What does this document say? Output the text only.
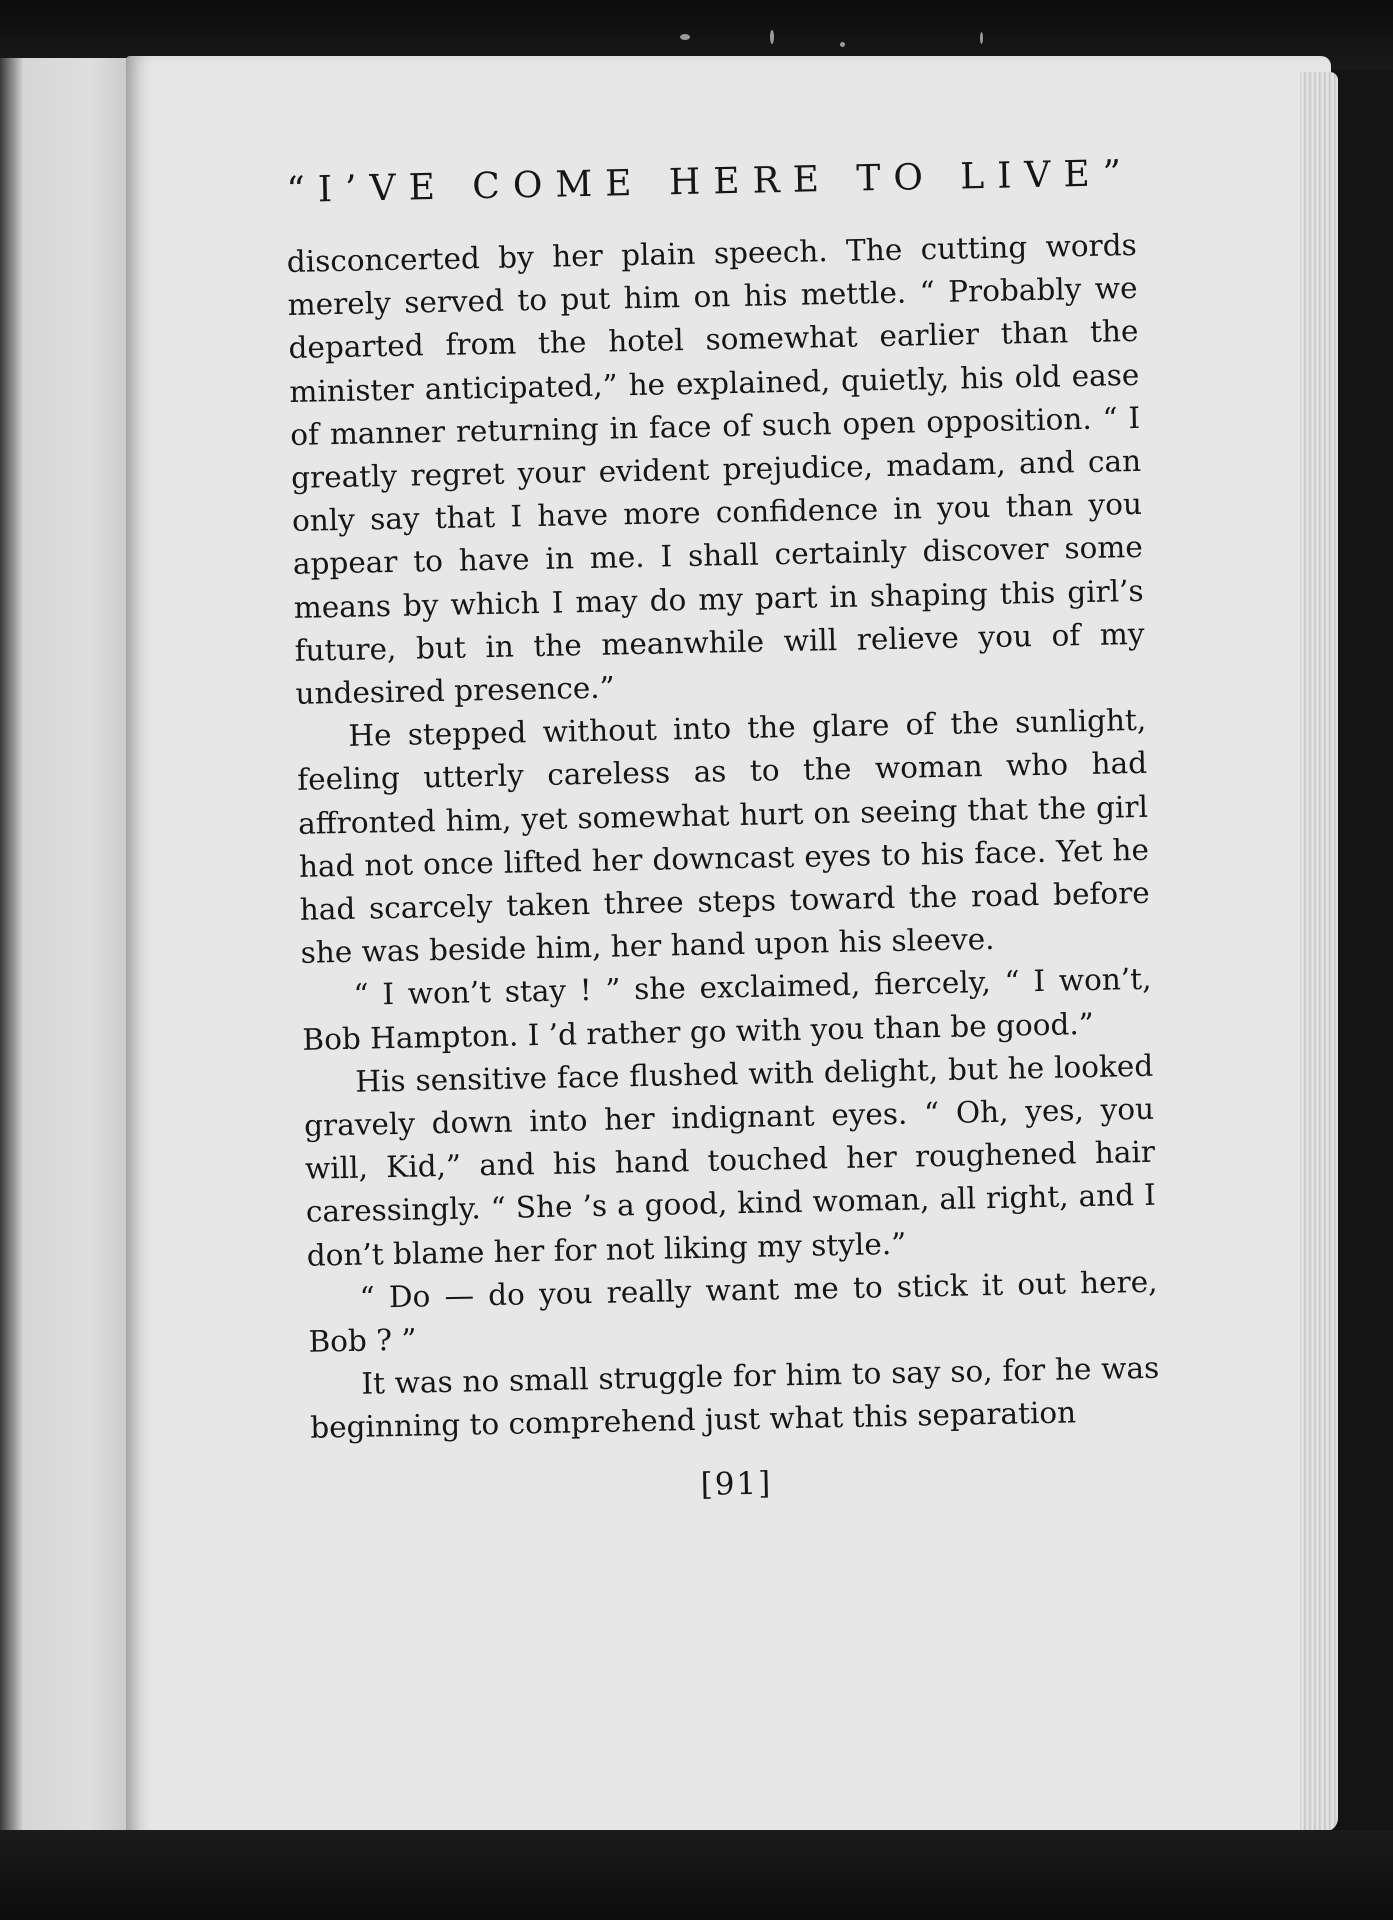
“I’VE COME HERE TO LIVE”

disconcerted by her plain speech. The cutting words merely served to put him on his mettle. “ Probably we departed from the hotel somewhat earlier than the minister anticipated,” he explained, quietly, his old ease of manner returning in face of such open opposition. “ I greatly regret your evident prejudice, madam, and can only say that I have more confidence in you than you appear to have in me. I shall certainly discover some means by which I may do my part in shaping this girl’s future, but in the meanwhile will relieve you of my undesired presence.”

He stepped without into the glare of the sunlight, feeling utterly careless as to the woman who had affronted him, yet somewhat hurt on seeing that the girl had not once lifted her downcast eyes to his face. Yet he had scarcely taken three steps toward the road before she was beside him, her hand upon his sleeve.

“ I won’t stay ! ” she exclaimed, fiercely, “ I won’t, Bob Hampton. I ’d rather go with you than be good.”

His sensitive face flushed with delight, but he looked gravely down into her indignant eyes. “ Oh, yes, you will, Kid,” and his hand touched her roughened hair caressingly. “ She ’s a good, kind woman, all right, and I don’t blame her for not liking my style.”

“ Do — do you really want me to stick it out here, Bob ? ”

It was no small struggle for him to say so, for he was beginning to comprehend just what this separation

[91]
